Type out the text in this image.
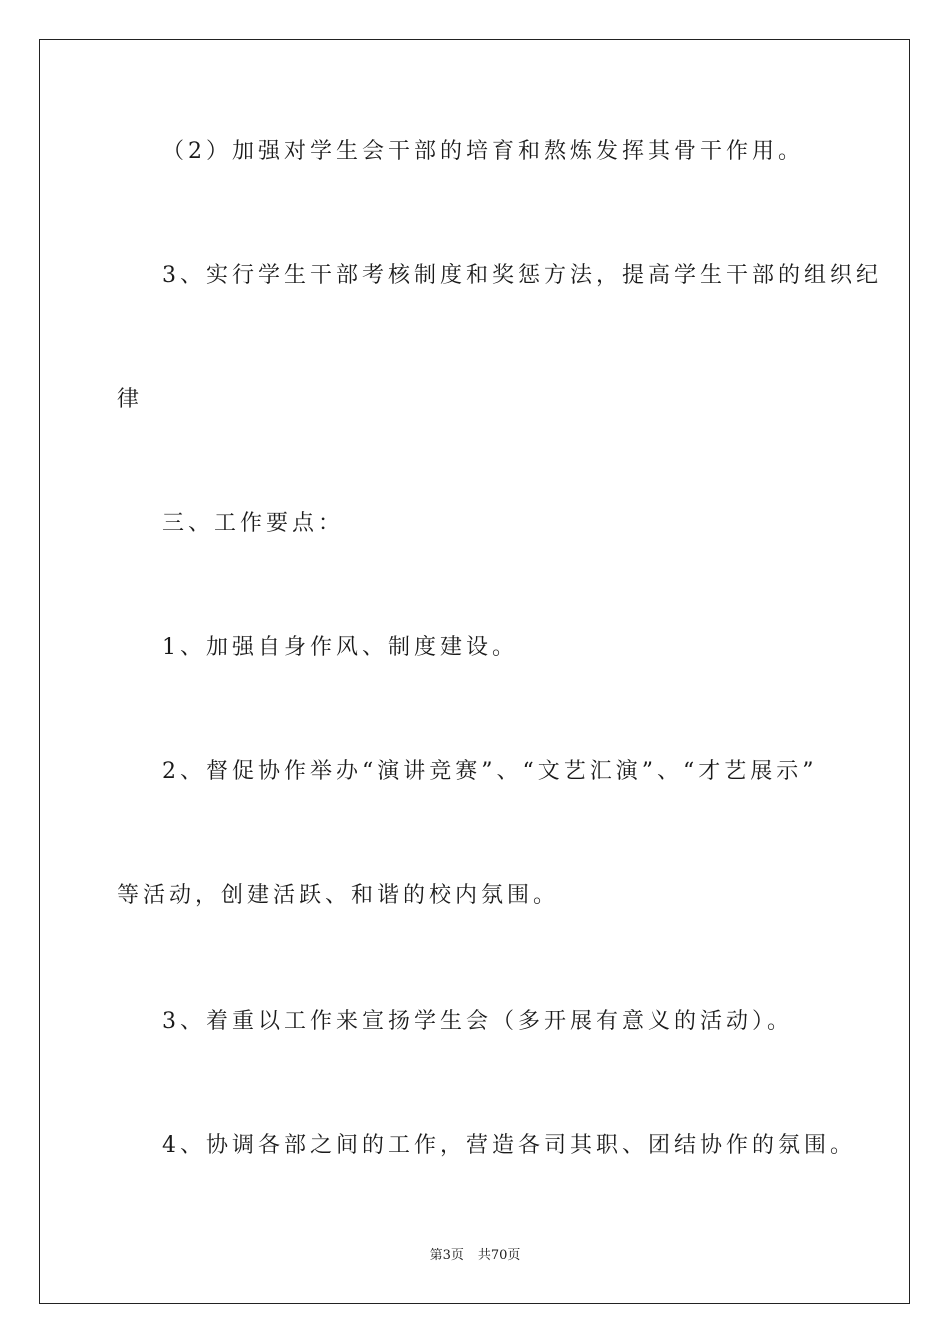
（2）加强对学生会干部的培育和熬炼发挥其骨干作用。
3、实行学生干部考核制度和奖惩方法，提高学生干部的组织纪
律
三、工作要点：
1、加强自身作风、制度建设。
2、督促协作举办“演讲竞赛”、“文艺汇演”、“才艺展示”
等活动，创建活跃、和谐的校内氛围。
3、着重以工作来宣扬学生会（多开展有意义的活动）。
4、协调各部之间的工作，营造各司其职、团结协作的氛围。
第3页 共70页
